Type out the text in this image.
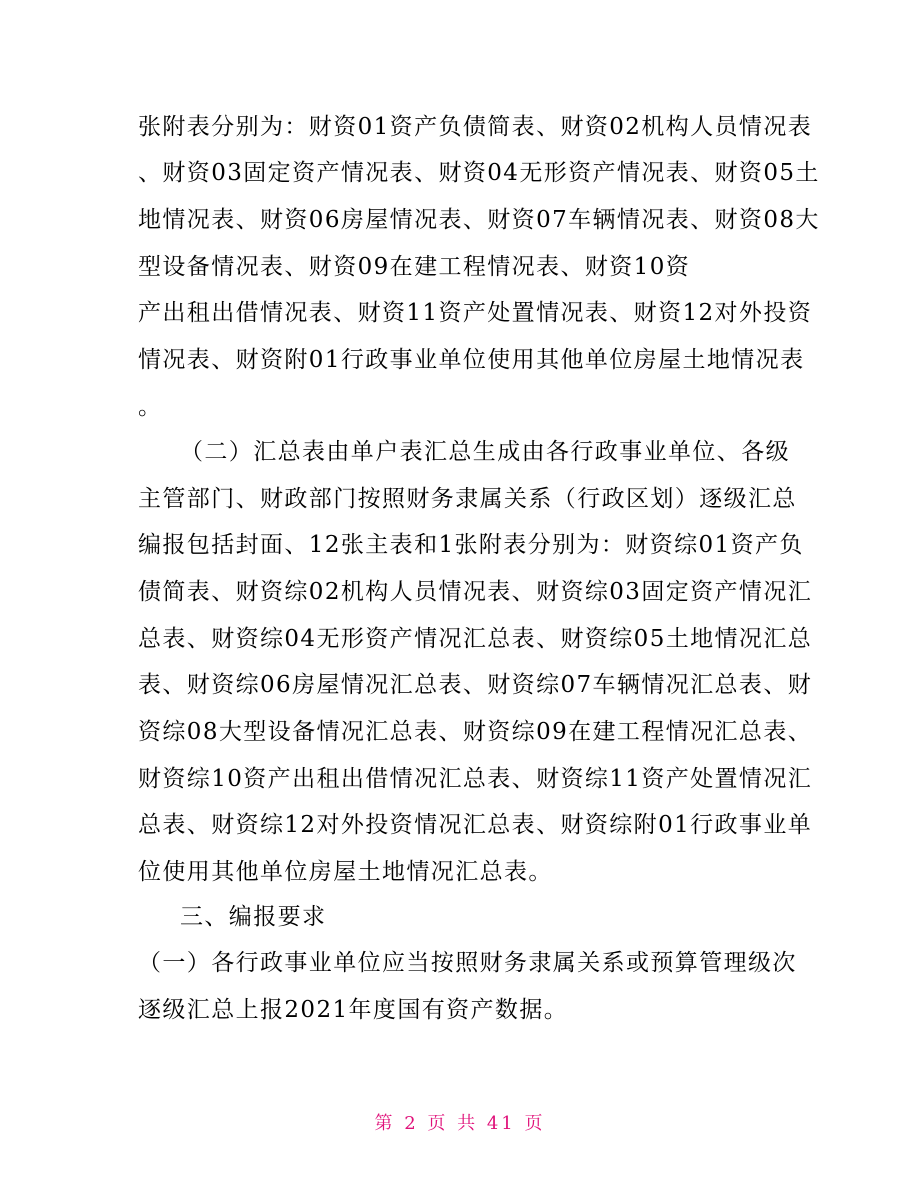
张附表分别为：财资01资产负债简表、财资02机构人员情况表
、财资03固定资产情况表、财资04无形资产情况表、财资05土
地情况表、财资06房屋情况表、财资07车辆情况表、财资08大
型设备情况表、财资09在建工程情况表、财资10资
产出租出借情况表、财资11资产处置情况表、财资12对外投资
情况表、财资附01行政事业单位使用其他单位房屋土地情况表
。
（二）汇总表由单户表汇总生成由各行政事业单位、各级
主管部门、财政部门按照财务隶属关系（行政区划）逐级汇总
编报包括封面、12张主表和1张附表分别为：财资综01资产负
债简表、财资综02机构人员情况表、财资综03固定资产情况汇
总表、财资综04无形资产情况汇总表、财资综05土地情况汇总
表、财资综06房屋情况汇总表、财资综07车辆情况汇总表、财
资综08大型设备情况汇总表、财资综09在建工程情况汇总表、
财资综10资产出租出借情况汇总表、财资综11资产处置情况汇
总表、财资综12对外投资情况汇总表、财资综附01行政事业单
位使用其他单位房屋土地情况汇总表。
三、编报要求
（一）各行政事业单位应当按照财务隶属关系或预算管理级次
逐级汇总上报2021年度国有资产数据。
第 2 页 共 41 页
